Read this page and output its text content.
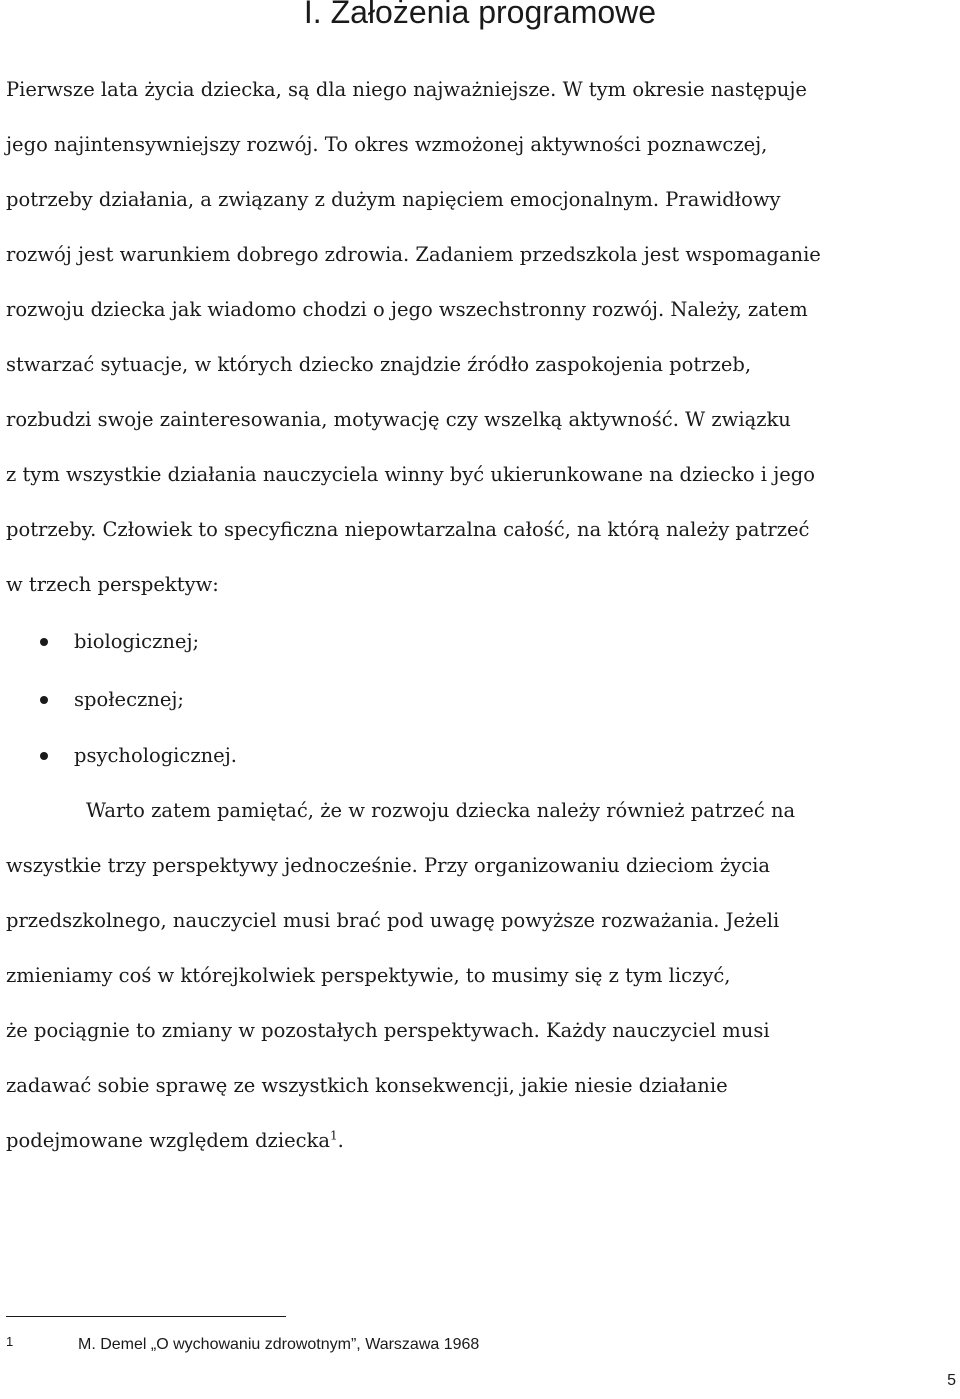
I. Założenia programowe
Pierwsze lata życia dziecka, są dla niego najważniejsze. W tym okresie następuje
jego najintensywniejszy rozwój. To okres wzmożonej aktywności poznawczej,
potrzeby działania, a związany z dużym napięciem emocjonalnym. Prawidłowy
rozwój jest warunkiem dobrego zdrowia. Zadaniem przedszkola jest wspomaganie
rozwoju dziecka jak wiadomo chodzi o jego wszechstronny rozwój. Należy, zatem
stwarzać sytuacje, w których dziecko znajdzie źródło zaspokojenia potrzeb,
rozbudzi swoje zainteresowania, motywację czy wszelką aktywność. W związku
z tym wszystkie działania nauczyciela winny być ukierunkowane na dziecko i jego
potrzeby. Człowiek to specyficzna niepowtarzalna całość, na którą należy patrzeć
w trzech perspektyw:
biologicznej;
społecznej;
psychologicznej.
Warto zatem pamiętać, że w rozwoju dziecka należy również patrzeć na
wszystkie trzy perspektywy jednocześnie. Przy organizowaniu dzieciom życia
przedszkolnego, nauczyciel musi brać pod uwagę powyższe rozważania. Jeżeli
zmieniamy coś w którejkolwiek perspektywie, to musimy się z tym liczyć,
że pociągnie to zmiany w pozostałych perspektywach. Każdy nauczyciel musi
zadawać sobie sprawę ze wszystkich konsekwencji, jakie niesie działanie
podejmowane względem dziecka$^1$.
1	M. Demel „O wychowaniu zdrowotnym”, Warszawa 1968
5
